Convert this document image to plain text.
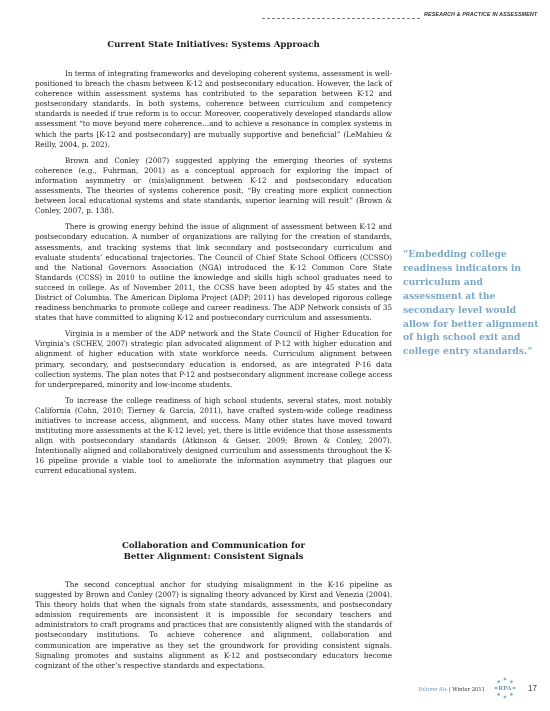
RESEARCH & PRACTICE IN ASSESSMENT
Current State Initiatives: Systems Approach

In terms of integrating frameworks and developing coherent systems, assessment is well-positioned to breach the chasm between K-12 and postsecondary education. However, the lack of coherence within assessment systems has contributed to the separation between K-12 and postsecondary standards. In both systems, coherence between curriculum and competency standards is needed if true reform is to occur. Moreover, cooperatively developed standards allow assessment “to move beyond mere coherence…and to achieve a resonance in complex systems in which the parts [K-12 and postsecondary] are mutually supportive and beneficial” (LeMahieu & Reilly, 2004, p. 202).

Brown and Conley (2007) suggested applying the emerging theories of systems coherence (e.g., Fuhrman, 2001) as a conceptual approach for exploring the impact of information asymmetry or (mis)alignment between K-12 and postsecondary education assessments. The theories of systems coherence posit, “By creating more explicit connection between local educational systems and state standards, superior learning will result” (Brown & Conley, 2007, p. 138).

There is growing energy behind the issue of alignment of assessment between K-12 and postsecondary education. A number of organizations are rallying for the creation of standards, assessments, and tracking systems that link secondary and postsecondary curriculum and evaluate students’ educational trajectories. The Council of Chief State School Officers (CCSSO) and the National Governors Association (NGA) introduced the K-12 Common Core State Standards (CCSS) in 2010 to outline the knowledge and skills high school graduates need to succeed in college. As of November 2011, the CCSS have been adopted by 45 states and the District of Columbia. The American Diploma Project (ADP; 2011) has developed rigorous college readiness benchmarks to promote college and career readiness. The ADP Network consists of 35 states that have committed to aligning K-12 and postsecondary curriculum and assessments.

Virginia is a member of the ADP network and the State Council of Higher Education for Virginia’s (SCHEV, 2007) strategic plan advocated alignment of P-12 with higher education and alignment of higher education with state workforce needs. Curriculum alignment between primary, secondary, and postsecondary education is endorsed, as are integrated P-16 data collection systems. The plan notes that P-12 and postsecondary alignment increase college access for underprepared, minority and low-income students.

To increase the college readiness of high school students, several states, most notably California (Cohn, 2010; Tierney & Garcia, 2011), have crafted system-wide college readiness initiatives to increase access, alignment, and success. Many other states have moved toward instituting more assessments at the K-12 level; yet, there is little evidence that those assessments align with postsecondary standards (Atkinson & Geiser, 2009; Brown & Conley, 2007). Intentionally aligned and collaboratively designed curriculum and assessments throughout the K-16 pipeline provide a viable tool to ameliorate the information asymmetry that plagues our current educational system.

Collaboration and Communication for
Better Alignment: Consistent Signals

The second conceptual anchor for studying misalignment in the K-16 pipeline as suggested by Brown and Conley (2007) is signaling theory advanced by Kirst and Venezia (2004). This theory holds that when the signals from state standards, assessments, and postsecondary admission requirements are inconsistent it is impossible for secondary teachers and administrators to craft programs and practices that are consistently aligned with the standards of postsecondary institutions. To achieve coherence and alignment, collaboration and communication are imperative as they set the groundwork for providing consistent signals. Signaling promotes and sustains alignment as K-12 and postsecondary educators become cognizant of the other’s respective standards and expectations.

“Embedding college readiness indicators in curriculum and assessment at the secondary level would allow for better alignment of high school exit and college entry standards.”
Volume Six | Winter 2011 RPA 17
